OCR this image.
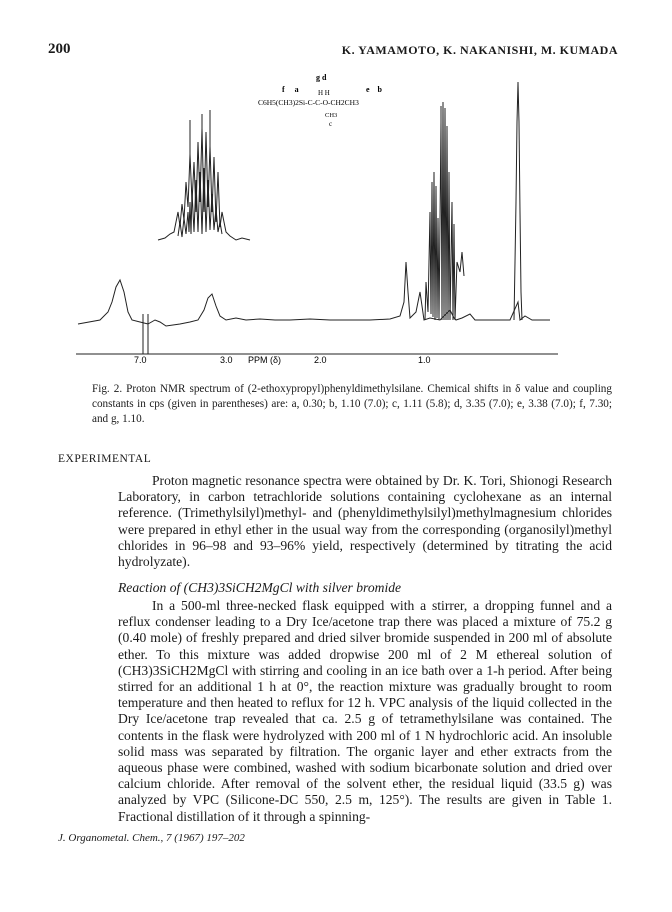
200	K. YAMAMOTO, K. NAKANISHI, M. KUMADA
g d
f a	H H	e b
C6H5(CH3)2Si-C-C-O-CH2CH3
CH3
c
7.0	3.0 PPM (δ)	2.0	1.0
Fig. 2. Proton NMR spectrum of (2-ethoxypropyl)phenyldimethylsilane. Chemical shifts in δ value and coupling constants in cps (given in parentheses) are: a, 0.30; b, 1.10 (7.0); c, 1.11 (5.8); d, 3.35 (7.0); e, 3.38 (7.0); f, 7.30; and g, 1.10.
EXPERIMENTAL
Proton magnetic resonance spectra were obtained by Dr. K. Tori, Shionogi Research Laboratory, in carbon tetrachloride solutions containing cyclohexane as an internal reference. (Trimethylsilyl)methyl- and (phenyldimethylsilyl)methylmagnesium chlorides were prepared in ethyl ether in the usual way from the corresponding (organosilyl)methyl chlorides in 96–98 and 93–96% yield, respectively (determined by titrating the acid hydrolyzate).
Reaction of (CH3)3SiCH2MgCl with silver bromide
In a 500-ml three-necked flask equipped with a stirrer, a dropping funnel and a reflux condenser leading to a Dry Ice/acetone trap there was placed a mixture of 75.2 g (0.40 mole) of freshly prepared and dried silver bromide suspended in 200 ml of absolute ether. To this mixture was added dropwise 200 ml of 2 M ethereal solution of (CH3)3SiCH2MgCl with stirring and cooling in an ice bath over a 1-h period. After being stirred for an additional 1 h at 0°, the reaction mixture was gradually brought to room temperature and then heated to reflux for 12 h. VPC analysis of the liquid collected in the Dry Ice/acetone trap revealed that ca. 2.5 g of tetramethylsilane was contained. The contents in the flask were hydrolyzed with 200 ml of 1 N hydrochloric acid. An insoluble solid mass was separated by filtration. The organic layer and ether extracts from the aqueous phase were combined, washed with sodium bicarbonate solution and dried over calcium chloride. After removal of the solvent ether, the residual liquid (33.5 g) was analyzed by VPC (Silicone-DC 550, 2.5 m, 125°). The results are given in Table 1. Fractional distillation of it through a spinning-
J. Organometal. Chem., 7 (1967) 197–202
